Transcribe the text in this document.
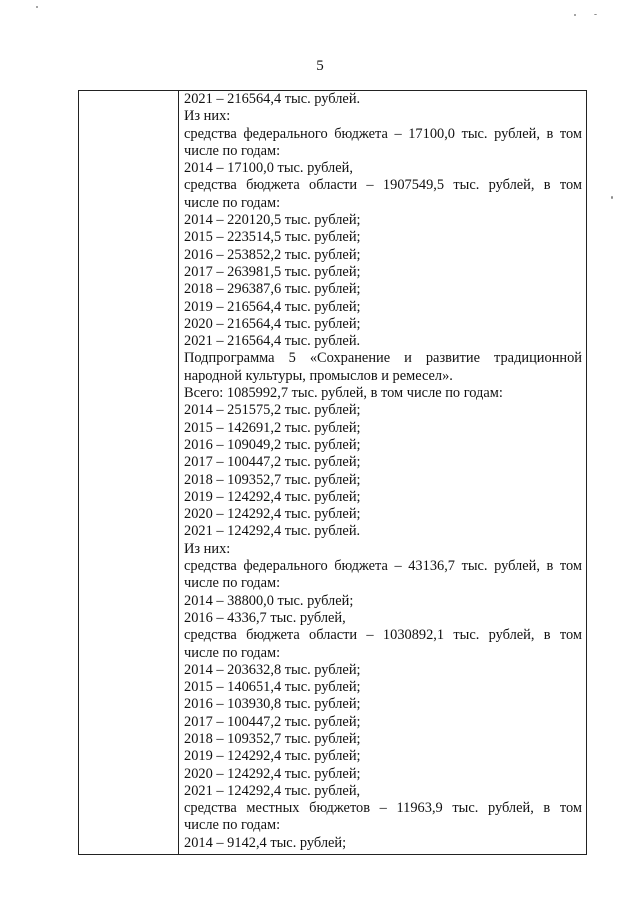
5
2021 – 216564,4 тыс. рублей.
Из них:
средства федерального бюджета – 17100,0 тыс. рублей, в том
числе по годам:
2014 – 17100,0 тыс. рублей,
средства бюджета области – 1907549,5 тыс. рублей, в том
числе по годам:
2014 – 220120,5 тыс. рублей;
2015 – 223514,5 тыс. рублей;
2016 – 253852,2 тыс. рублей;
2017 – 263981,5 тыс. рублей;
2018 – 296387,6 тыс. рублей;
2019 – 216564,4 тыс. рублей;
2020 – 216564,4 тыс. рублей;
2021 – 216564,4 тыс. рублей.
Подпрограмма 5 «Сохранение и развитие традиционной
народной культуры, промыслов и ремесел».
Всего: 1085992,7 тыс. рублей, в том числе по годам:
2014 – 251575,2 тыс. рублей;
2015 – 142691,2 тыс. рублей;
2016 – 109049,2 тыс. рублей;
2017 – 100447,2 тыс. рублей;
2018 – 109352,7 тыс. рублей;
2019 – 124292,4 тыс. рублей;
2020 – 124292,4 тыс. рублей;
2021 – 124292,4 тыс. рублей.
Из них:
средства федерального бюджета – 43136,7 тыс. рублей, в том
числе по годам:
2014 – 38800,0 тыс. рублей;
2016 – 4336,7 тыс. рублей,
средства бюджета области – 1030892,1 тыс. рублей, в том
числе по годам:
2014 – 203632,8 тыс. рублей;
2015 – 140651,4 тыс. рублей;
2016 – 103930,8 тыс. рублей;
2017 – 100447,2 тыс. рублей;
2018 – 109352,7 тыс. рублей;
2019 – 124292,4 тыс. рублей;
2020 – 124292,4 тыс. рублей;
2021 – 124292,4 тыс. рублей,
средства местных бюджетов – 11963,9 тыс. рублей, в том
числе по годам:
2014 – 9142,4 тыс. рублей;
